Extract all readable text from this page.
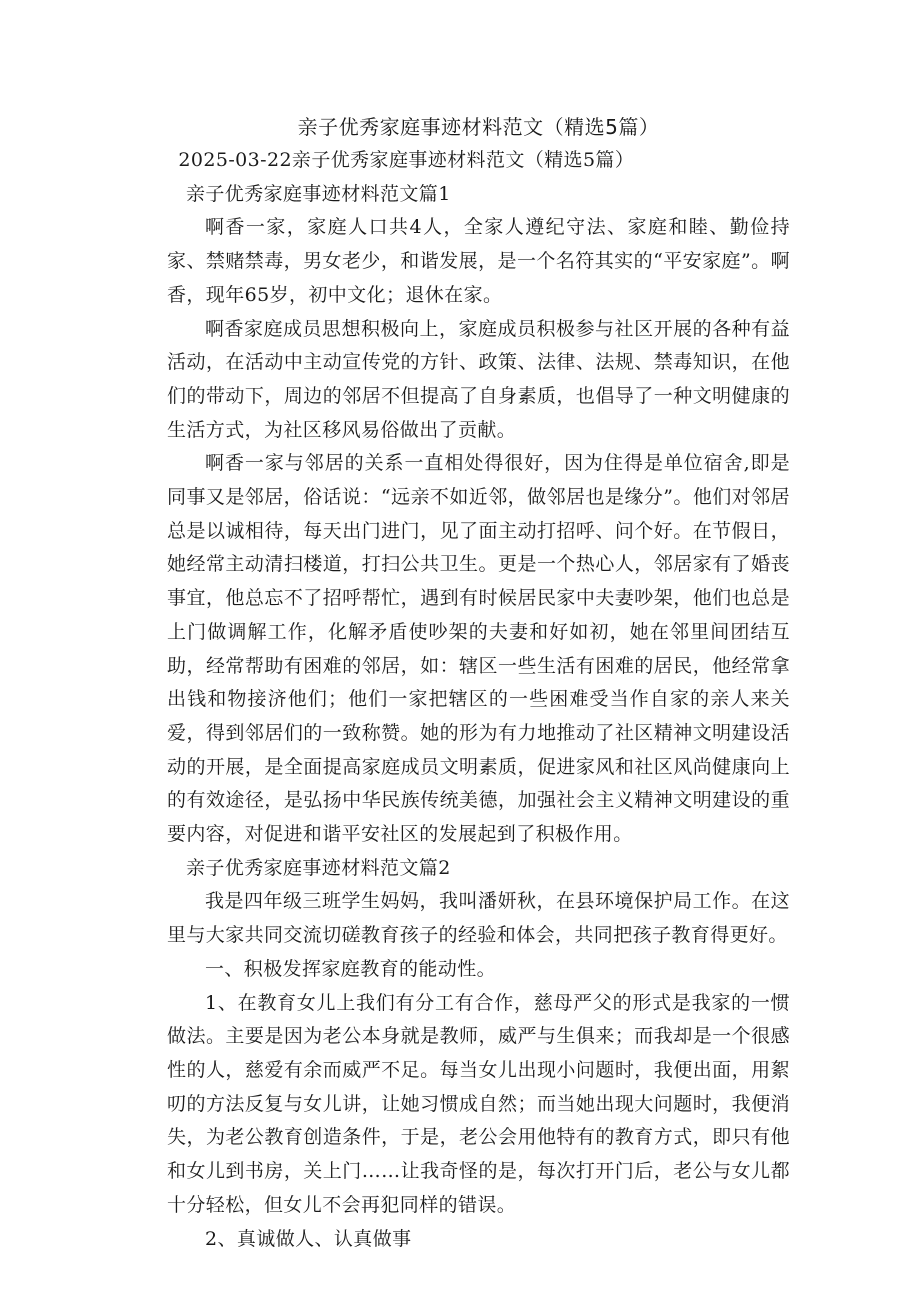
亲子优秀家庭事迹材料范文（精选5篇）

2025-03-22亲子优秀家庭事迹材料范文（精选5篇）

亲子优秀家庭事迹材料范文篇1

啊香一家，家庭人口共4人，全家人遵纪守法、家庭和睦、勤俭持家、禁赌禁毒，男女老少，和谐发展，是一个名符其实的“平安家庭”。啊香，现年65岁，初中文化；退休在家。

啊香家庭成员思想积极向上，家庭成员积极参与社区开展的各种有益活动，在活动中主动宣传党的方针、政策、法律、法规、禁毒知识，在他们的带动下，周边的邻居不但提高了自身素质，也倡导了一种文明健康的生活方式，为社区移风易俗做出了贡献。

啊香一家与邻居的关系一直相处得很好，因为住得是单位宿舍,即是同事又是邻居，俗话说：“远亲不如近邻，做邻居也是缘分”。他们对邻居总是以诚相待，每天出门进门，见了面主动打招呼、问个好。在节假日，她经常主动清扫楼道，打扫公共卫生。更是一个热心人，邻居家有了婚丧事宜，他总忘不了招呼帮忙，遇到有时候居民家中夫妻吵架，他们也总是上门做调解工作，化解矛盾使吵架的夫妻和好如初，她在邻里间团结互助，经常帮助有困难的邻居，如：辖区一些生活有困难的居民，他经常拿出钱和物接济他们；他们一家把辖区的一些困难受当作自家的亲人来关爱，得到邻居们的一致称赞。她的形为有力地推动了社区精神文明建设活动的开展，是全面提高家庭成员文明素质，促进家风和社区风尚健康向上的有效途径，是弘扬中华民族传统美德，加强社会主义精神文明建设的重要内容，对促进和谐平安社区的发展起到了积极作用。

亲子优秀家庭事迹材料范文篇2

我是四年级三班学生妈妈，我叫潘妍秋，在县环境保护局工作。在这里与大家共同交流切磋教育孩子的经验和体会，共同把孩子教育得更好。

一、积极发挥家庭教育的能动性。

1、在教育女儿上我们有分工有合作，慈母严父的形式是我家的一惯做法。主要是因为老公本身就是教师，威严与生俱来；而我却是一个很感性的人，慈爱有余而威严不足。每当女儿出现小问题时，我便出面，用絮叨的方法反复与女儿讲，让她习惯成自然；而当她出现大问题时，我便消失，为老公教育创造条件，于是，老公会用他特有的教育方式，即只有他和女儿到书房，关上门……让我奇怪的是，每次打开门后，老公与女儿都十分轻松，但女儿不会再犯同样的错误。

2、真诚做人、认真做事
